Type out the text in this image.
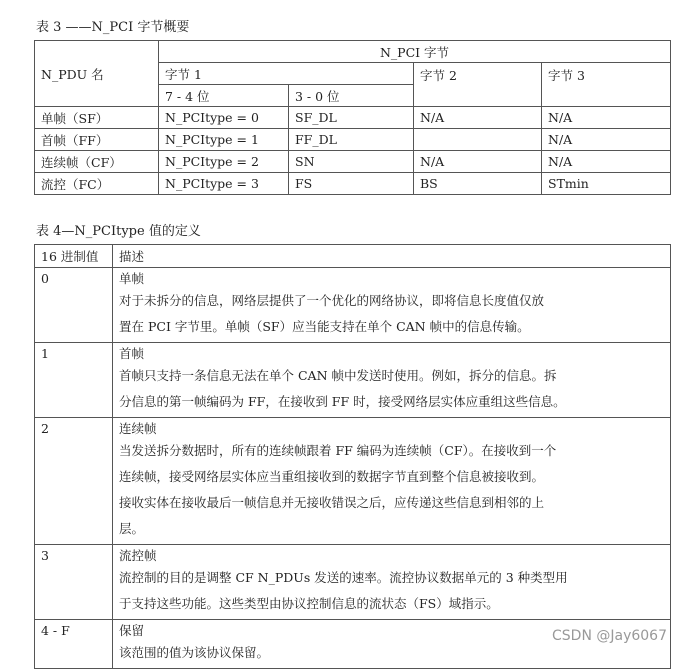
表 3 ——N_PCI 字节概要
N_PDU 名	N_PCI 字节			
	字节 1		字节 2	字节 3
	7 - 4 位	3 - 0 位		
单帧（SF）	N_PCItype = 0	SF_DL	N/A	N/A
首帧（FF）	N_PCItype = 1	FF_DL		N/A
连续帧（CF）	N_PCItype = 2	SN	N/A	N/A
流控（FC）	N_PCItype = 3	FS	BS	STmin
表 4—N_PCItype 值的定义
16 进制值	描述
0	单帧
对于未拆分的信息，网络层提供了一个优化的网络协议，即将信息长度值仅放
置在 PCI 字节里。单帧（SF）应当能支持在单个 CAN 帧中的信息传输。

1	首帧
首帧只支持一条信息无法在单个 CAN 帧中发送时使用。例如，拆分的信息。拆
分信息的第一帧编码为 FF，在接收到 FF 时，接受网络层实体应重组这些信息。

2	连续帧
当发送拆分数据时，所有的连续帧跟着 FF 编码为连续帧（CF）。在接收到一个
连续帧，接受网络层实体应当重组接收到的数据字节直到整个信息被接收到。
接收实体在接收最后一帧信息并无接收错误之后，应传递这些信息到相邻的上
层。

3	流控帧
流控制的目的是调整 CF N_PDUs 发送的速率。流控协议数据单元的 3 种类型用
于支持这些功能。这些类型由协议控制信息的流状态（FS）域指示。

4 - F	保留
该范围的值为该协议保留。
CSDN @Jay6067
